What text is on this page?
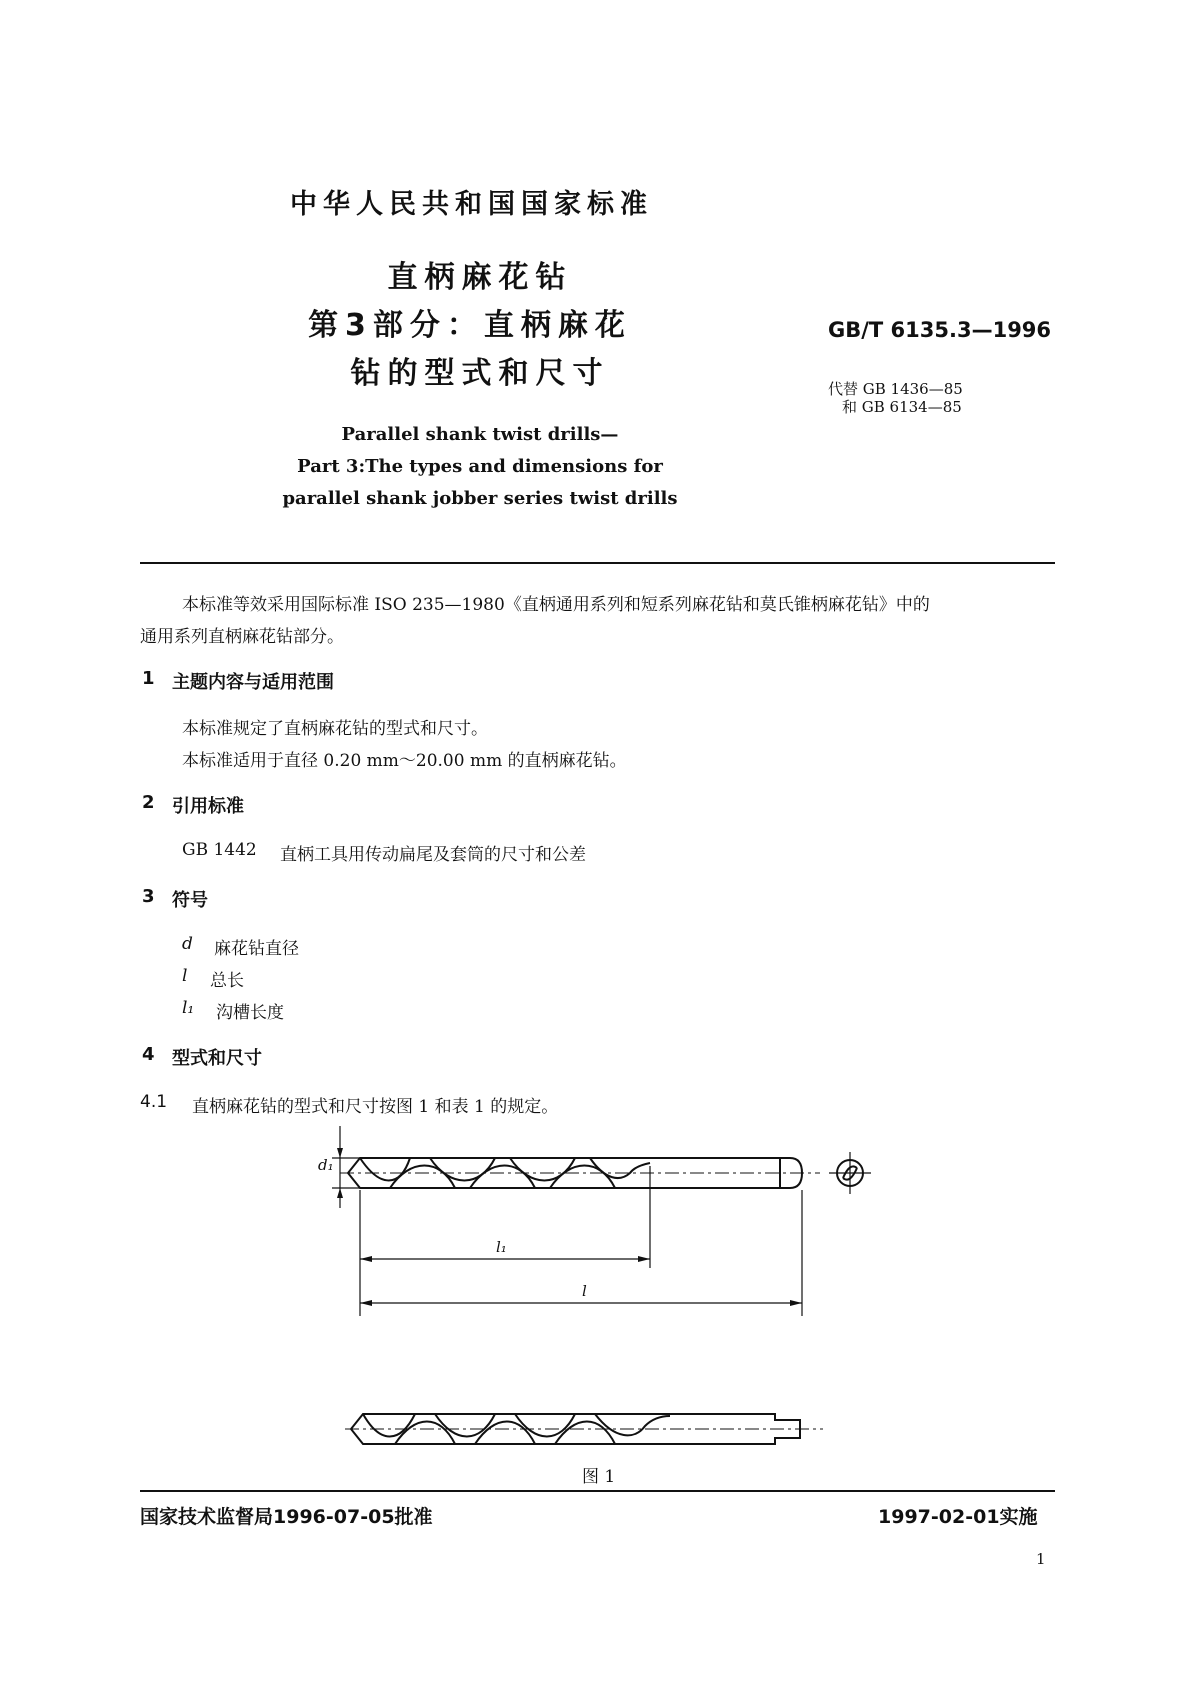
中华人民共和国国家标准
直柄麻花钻
第3部分：直柄麻花
钻的型式和尺寸
GB/T 6135.3—1996
代替 GB 1436—85
和 GB 6134—85
Parallel shank twist drills—
Part 3:The types and dimensions for
parallel shank jobber series twist drills
本标准等效采用国际标准 ISO 235—1980《直柄通用系列和短系列麻花钻和莫氏锥柄麻花钻》中的
通用系列直柄麻花钻部分。
1 主题内容与适用范围
本标准规定了直柄麻花钻的型式和尺寸。
本标准适用于直径 0.20 mm～20.00 mm 的直柄麻花钻。
2 引用标准
GB 1442 直柄工具用传动扁尾及套筒的尺寸和公差
3 符号
d 麻花钻直径
l 总长
l₁ 沟槽长度
4 型式和尺寸
4.1 直柄麻花钻的型式和尺寸按图 1 和表 1 的规定。
d₁
l₁
l
图 1
国家技术监督局1996-07-05批准	1997-02-01实施
1
